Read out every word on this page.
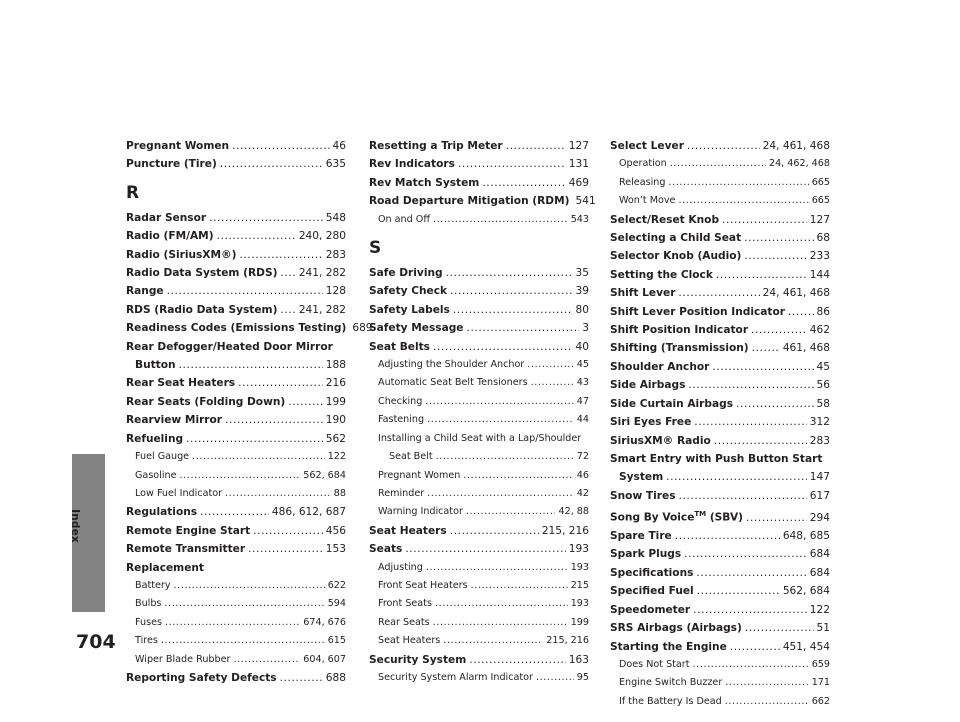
Index
704
Pregnant Women .....	46
Puncture (Tire) .....	635
R
Radar Sensor .....	548
Radio (FM/AM) .....	240, 280
Radio (SiriusXM®) .....	283
Radio Data System (RDS) ..... 241, 282
Range .....	128
RDS (Radio Data System) ..... 241, 282
Readiness Codes (Emissions Testing) 689
Rear Defogger/Heated Door Mirror
Button .....	188
Rear Seat Heaters .....	216
Rear Seats (Folding Down) .....	199
Rearview Mirror .....	190
Refueling .....	562
Fuel Gauge .....	122
Gasoline .....	562, 684
Low Fuel Indicator .....	88
Regulations .....	486, 612, 687
Remote Engine Start .....	456
Remote Transmitter .....	153
Replacement
Battery .....	622
Bulbs .....	594
Fuses .....	674, 676
Tires .....	615
Wiper Blade Rubber .....	604, 607
Reporting Safety Defects .....	688
Resetting a Trip Meter .....	127
Rev Indicators .....	131
Rev Match System .....	469
Road Departure Mitigation (RDM) 541
On and Off .....	543
S
Safe Driving .....	35
Safety Check .....	39
Safety Labels .....	80
Safety Message .....	3
Seat Belts .....	40
Adjusting the Shoulder Anchor .....	45
Automatic Seat Belt Tensioners .....	43
Checking .....	47
Fastening .....	44
Installing a Child Seat with a Lap/Shoulder
Seat Belt .....	72
Pregnant Women .....	46
Reminder .....	42
Warning Indicator .....	42, 88
Seat Heaters .....	215, 216
Seats .....	193
Adjusting .....	193
Front Seat Heaters .....	215
Front Seats .....	193
Rear Seats .....	199
Seat Heaters .....	215, 216
Security System .....	163
Security System Alarm Indicator .....	95
Select Lever .....	24, 461, 468
Operation .....	24, 462, 468
Releasing .....	665
Won’t Move .....	665
Select/Reset Knob .....	127
Selecting a Child Seat .....	68
Selector Knob (Audio) .....	233
Setting the Clock .....	144
Shift Lever .....	24, 461, 468
Shift Lever Position Indicator .....	86
Shift Position Indicator .....	462
Shifting (Transmission) .....	461, 468
Shoulder Anchor .....	45
Side Airbags .....	56
Side Curtain Airbags .....	58
Siri Eyes Free .....	312
SiriusXM® Radio .....	283
Smart Entry with Push Button Start
System .....	147
Snow Tires .....	617
Song By Voice™ (SBV) .....	294
Spare Tire .....	648, 685
Spark Plugs .....	684
Specifications .....	684
Specified Fuel .....	562, 684
Speedometer .....	122
SRS Airbags (Airbags) .....	51
Starting the Engine .....	451, 454
Does Not Start .....	659
Engine Switch Buzzer .....	171
If the Battery Is Dead .....	662
